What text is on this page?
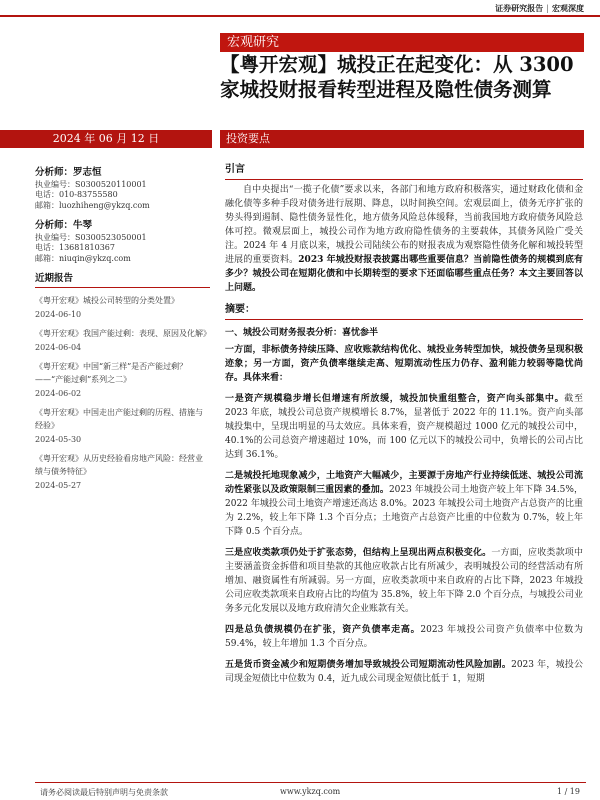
证券研究报告 | 宏观深度
宏观研究
【粤开宏观】城投正在起变化：从 3300 家城投财报看转型进程及隐性债务测算
2024 年 06 月 12 日	投资要点
分析师：罗志恒
执业编号：S0300520110001
电话：010-83755580
邮箱：luozhiheng@ykzq.com
分析师：牛琴
执业编号：S0300523050001
电话：13681810367
邮箱：niuqin@ykzq.com
近期报告
《粤开宏观》城投公司转型的分类处置》
2024-06-10
《粤开宏观》我国产能过剩：表现、原因及化解》
2024-06-04
《粤开宏观》中国“新三样”是否产能过剩？——“产能过剩”系列之二》
2024-06-02
《粤开宏观》中国走出产能过剩的历程、措施与经验》
2024-05-30
《粤开宏观》从历史经验看房地产风险：经营业绩与债务特征》
2024-05-27
引言

自中央提出“一揽子化债”要求以来，各部门和地方政府积极落实，通过财政化债和金融化债等多种手段对债务进行展期、降息，以时间换空间。宏观层面上，债务无序扩张的势头得到遏制、隐性债务显性化，地方债务风险总体缓释，当前我国地方政府债务风险总体可控。微观层面上，城投公司作为地方政府隐性债务的主要载体，其债务风险广受关注。2024 年 4 月底以来，城投公司陆续公布的财报表成为观察隐性债务化解和城投转型进展的重要资料。2023 年城投财报表披露出哪些重要信息？当前隐性债务的规模到底有多少？城投公司在短期化债和中长期转型的要求下还面临哪些重点任务？本文主要回答以上问题。

摘要：
一、城投公司财务报表分析：喜忧参半

一方面，非标债务持续压降、应收账款结构优化、城投业务转型加快，城投债务呈现积极迹象；另一方面，资产负债率继续走高、短期流动性压力仍存、盈利能力较弱等隐忧尚存。具体来看：

一是资产规模稳步增长但增速有所放缓，城投加快重组整合，资产向头部集中。截至 2023 年底，城投公司总资产规模增长 8.7%，显著低于 2022 年的 11.1%。资产向头部城投集中，呈现出明显的马太效应。具体来看，资产规模超过 1000 亿元的城投公司中，40.1%的公司总资产增速超过 10%，而 100 亿元以下的城投公司中，负增长的公司占比达到 36.1%。

二是城投托地现象减少，土地资产大幅减少，主要源于房地产行业持续低迷、城投公司流动性紧张以及政策限制三重因素的叠加。2023 年城投公司土地资产较上年下降 34.5%，2022 年城投公司土地资产增速还高达 8.0%。2023 年城投公司土地资产占总资产的比重为 2.2%，较上年下降 1.3 个百分点；土地资产占总资产比重的中位数为 0.7%，较上年下降 0.5 个百分点。

三是应收类款项仍处于扩张态势，但结构上呈现出两点积极变化。一方面，应收类款项中主要涵盖资金拆借和项目垫款的其他应收款占比有所减少，表明城投公司的经营活动有所增加、融资属性有所减弱。另一方面，应收类款项中来自政府的占比下降，2023 年城投公司应收类款项来自政府占比的均值为 35.8%，较上年下降 2.0 个百分点，与城投公司业务多元化发展以及地方政府清欠企业账款有关。

四是总负债规模仍在扩张，资产负债率走高。2023 年城投公司资产负债率中位数为 59.4%，较上年增加 1.3 个百分点。

五是货币资金减少和短期债务增加导致城投公司短期流动性风险加剧。2023 年，城投公司现金短债比中位数为 0.4，近九成公司现金短债比低于 1，短期

请务必阅读最后特别声明与免责条款	www.ykzq.com	1 / 19
